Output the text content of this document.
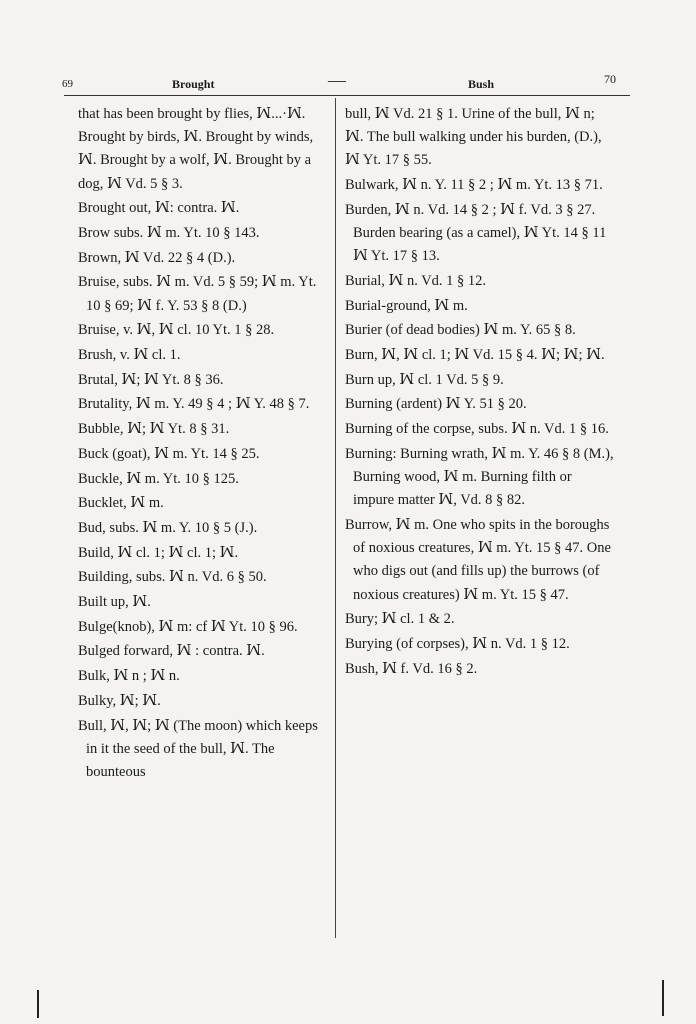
69	Brought	—	Bush	70

that has been brought by flies, ꟽ...·ꟽ. Brought by birds, ꟽ. Brought by winds, ꟽ. Brought by a wolf, ꟽ. Brought by a dog, ꟽ Vd. 5 § 3.

Brought out, ꟽ: contra. ꟽ.

Brow subs. ꟽ m. Yt. 10 § 143.

Brown, ꟽ Vd. 22 § 4 (D.).

Bruise, subs. ꟽ m. Vd. 5 § 59; ꟽ m. Yt. 10 § 69; ꟽ f. Y. 53 § 8 (D.)

Bruise, v. ꟽ, ꟽ cl. 10 Yt. 1 § 28.

Brush, v. ꟽ cl. 1.

Brutal, ꟽ; ꟽ Yt. 8 § 36.

Brutality, ꟽ m. Y. 49 § 4 ; ꟽ Y. 48 § 7.

Bubble, ꟽ; ꟽ Yt. 8 § 31.

Buck (goat), ꟽ m. Yt. 14 § 25.

Buckle, ꟽ m. Yt. 10 § 125.

Bucklet, ꟽ m.

Bud, subs. ꟽ m. Y. 10 § 5 (J.).

Build, ꟽ cl. 1; ꟽ cl. 1; ꟽ.

Building, subs. ꟽ n. Vd. 6 § 50.

Built up, ꟽ.

Bulge(knob), ꟽ m: cf ꟽ Yt. 10 § 96.

Bulged forward, ꟽ : contra. ꟽ.

Bulk, ꟽ n ; ꟽ n.

Bulky, ꟽ; ꟽ.

Bull, ꟽ, ꟽ; ꟽ (The moon) which keeps in it the seed of the bull, ꟽ. The bounteous

bull, ꟽ Vd. 21 § 1. Urine of the bull, ꟽ n; ꟽ. The bull walking under his burden, (D.), ꟽ Yt. 17 § 55.

Bulwark, ꟽ n. Y. 11 § 2 ; ꟽ m. Yt. 13 § 71.

Burden, ꟽ n. Vd. 14 § 2 ; ꟽ f. Vd. 3 § 27. Burden bearing (as a camel), ꟽ Yt. 14 § 11 ꟽ Yt. 17 § 13.

Burial, ꟽ n. Vd. 1 § 12.

Burial-ground, ꟽ m.

Burier (of dead bodies) ꟽ m. Y. 65 § 8.

Burn, ꟽ, ꟽ cl. 1; ꟽ Vd. 15 § 4. ꟽ; ꟽ; ꟽ.

Burn up, ꟽ cl. 1 Vd. 5 § 9.

Burning (ardent) ꟽ Y. 51 § 20.

Burning of the corpse, subs. ꟽ n. Vd. 1 § 16.

Burning: Burning wrath, ꟽ m. Y. 46 § 8 (M.), Burning wood, ꟽ m. Burning filth or impure matter ꟽ, Vd. 8 § 82.

Burrow, ꟽ m. One who spits in the boroughs of noxious creatures, ꟽ m. Yt. 15 § 47. One who digs out (and fills up) the burrows (of noxious creatures) ꟽ m. Yt. 15 § 47.

Bury; ꟽ cl. 1 & 2.

Burying (of corpses), ꟽ n. Vd. 1 § 12.

Bush, ꟽ f. Vd. 16 § 2.
